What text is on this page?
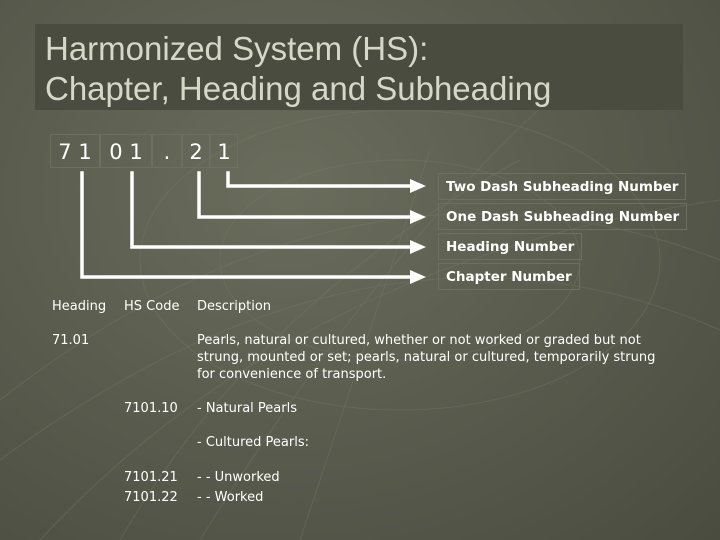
Harmonized System (HS):
Chapter, Heading and Subheading
7 1 0 1 . 2 1
Two Dash Subheading Number
One Dash Subheading Number
Heading Number
Chapter Number
Heading HS Code Description
71.01	Pearls, natural or cultured, whether or not worked or graded but not strung, mounted or set; pearls, natural or cultured, temporarily strung for convenience of transport.
7101.10 - Natural Pearls
- Cultured Pearls:
7101.21 - - Unworked
7101.22 - - Worked
